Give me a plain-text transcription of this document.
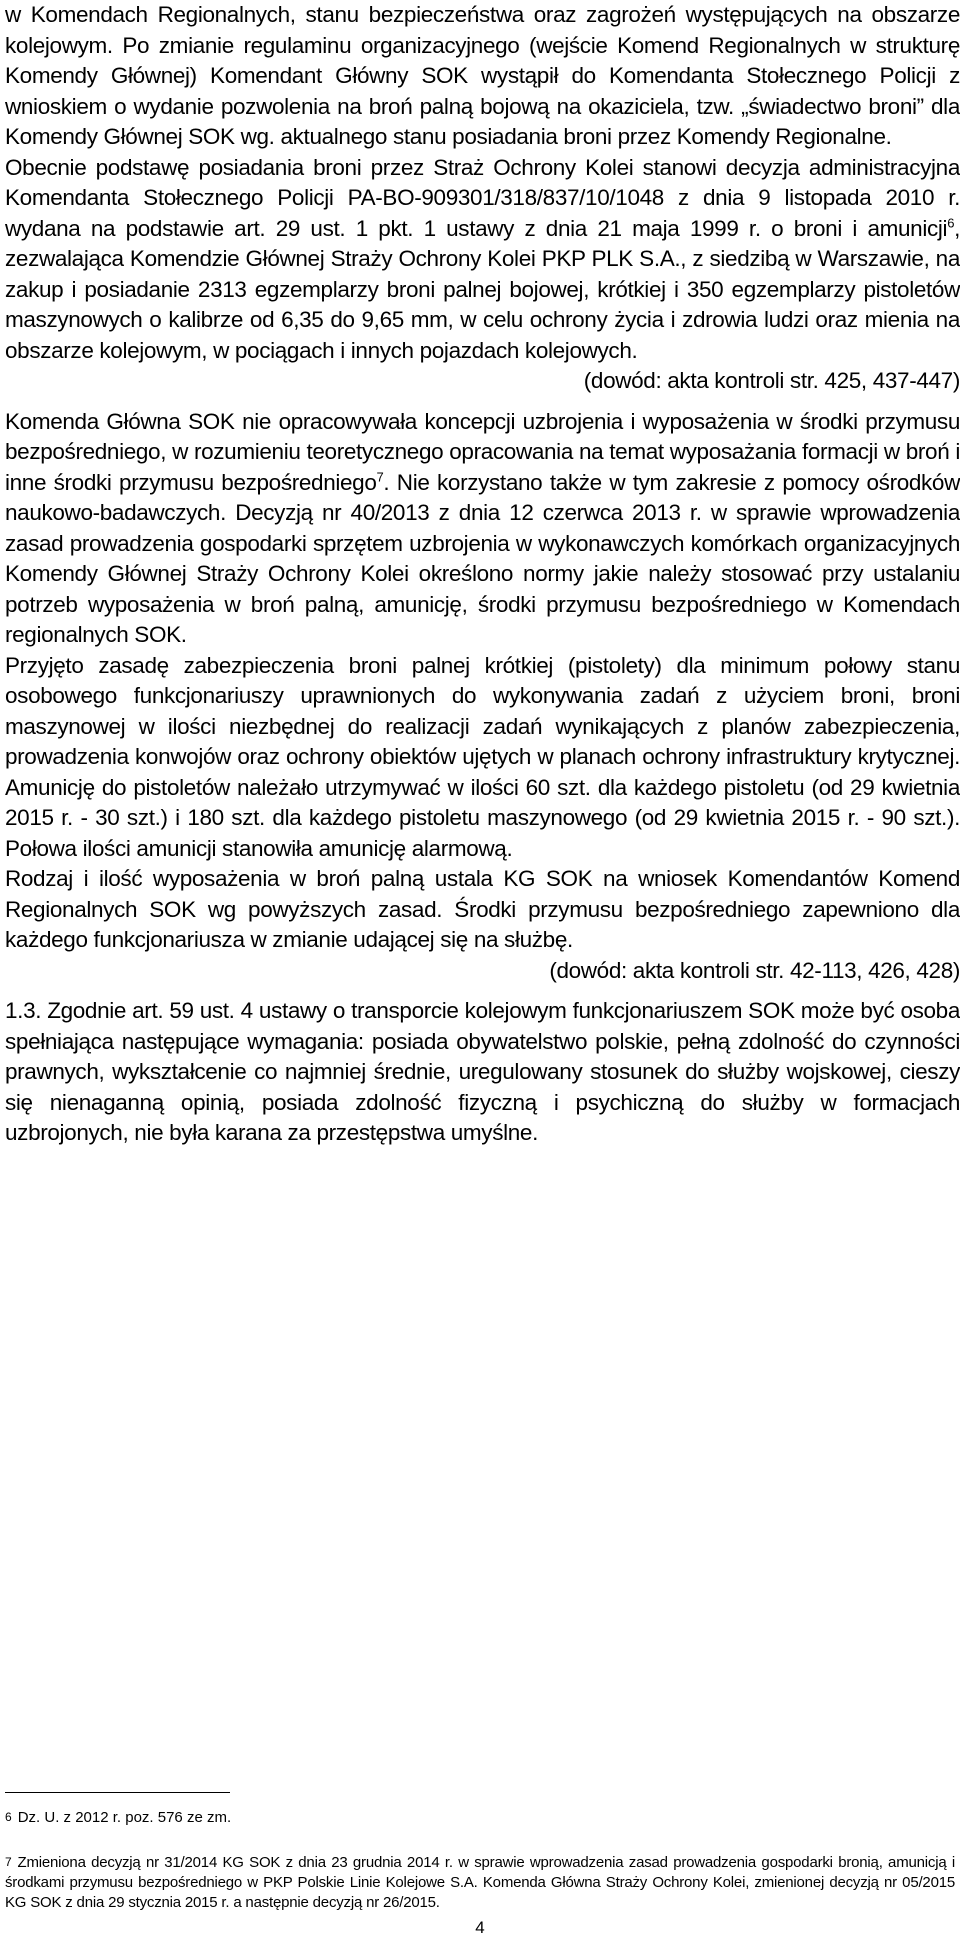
w Komendach Regionalnych, stanu bezpieczeństwa oraz zagrożeń występujących na obszarze kolejowym. Po zmianie regulaminu organizacyjnego (wejście Komend Regionalnych w strukturę Komendy Głównej) Komendant Główny SOK wystąpił do Komendanta Stołecznego Policji z wnioskiem o wydanie pozwolenia na broń palną bojową na okaziciela, tzw. „świadectwo broni” dla Komendy Głównej SOK wg. aktualnego stanu posiadania broni przez Komendy Regionalne.

Obecnie podstawę posiadania broni przez Straż Ochrony Kolei stanowi decyzja administracyjna Komendanta Stołecznego Policji PA-BO-909301/318/837/10/1048 z dnia 9 listopada 2010 r. wydana na podstawie art. 29 ust. 1 pkt. 1 ustawy z dnia 21 maja 1999 r. o broni i amunicji$^6$, zezwalająca Komendzie Głównej Straży Ochrony Kolei PKP PLK S.A., z siedzibą w Warszawie, na zakup i posiadanie 2313 egzemplarzy broni palnej bojowej, krótkiej i 350 egzemplarzy pistoletów maszynowych o kalibrze od 6,35 do 9,65 mm, w celu ochrony życia i zdrowia ludzi oraz mienia na obszarze kolejowym, w pociągach i innych pojazdach kolejowych.

(dowód: akta kontroli str. 425, 437-447)

Komenda Główna SOK nie opracowywała koncepcji uzbrojenia i wyposażenia w środki przymusu bezpośredniego, w rozumieniu teoretycznego opracowania na temat wyposażania formacji w broń i inne środki przymusu bezpośredniego$^7$. Nie korzystano także w tym zakresie z pomocy ośrodków naukowo-badawczych. Decyzją nr 40/2013 z dnia 12 czerwca 2013 r. w sprawie wprowadzenia zasad prowadzenia gospodarki sprzętem uzbrojenia w wykonawczych komórkach organizacyjnych Komendy Głównej Straży Ochrony Kolei określono normy jakie należy stosować przy ustalaniu potrzeb wyposażenia w broń palną, amunicję, środki przymusu bezpośredniego w Komendach regionalnych SOK.

Przyjęto zasadę zabezpieczenia broni palnej krótkiej (pistolety) dla minimum połowy stanu osobowego funkcjonariuszy uprawnionych do wykonywania zadań z użyciem broni, broni maszynowej w ilości niezbędnej do realizacji zadań wynikających z planów zabezpieczenia, prowadzenia konwojów oraz ochrony obiektów ujętych w planach ochrony infrastruktury krytycznej. Amunicję do pistoletów należało utrzymywać w ilości 60 szt. dla każdego pistoletu (od 29 kwietnia 2015 r. - 30 szt.) i 180 szt. dla każdego pistoletu maszynowego (od 29 kwietnia 2015 r. - 90 szt.). Połowa ilości amunicji stanowiła amunicję alarmową.

Rodzaj i ilość wyposażenia w broń palną ustala KG SOK na wniosek Komendantów Komend Regionalnych SOK wg powyższych zasad. Środki przymusu bezpośredniego zapewniono dla każdego funkcjonariusza w zmianie udającej się na służbę.

(dowód: akta kontroli str. 42-113, 426, 428)

1.3. Zgodnie art. 59 ust. 4 ustawy o transporcie kolejowym funkcjonariuszem SOK może być osoba spełniająca następujące wymagania: posiada obywatelstwo polskie, pełną zdolność do czynności prawnych, wykształcenie co najmniej średnie, uregulowany stosunek do służby wojskowej, cieszy się nienaganną opinią, posiada zdolność fizyczną i psychiczną do służby w formacjach uzbrojonych, nie była karana za przestępstwa umyślne.

$^6$ Dz. U. z 2012 r. poz. 576 ze zm.
$^7$ Zmieniona decyzją nr 31/2014 KG SOK z dnia 23 grudnia 2014 r. w sprawie wprowadzenia zasad prowadzenia gospodarki bronią, amunicją i środkami przymusu bezpośredniego w PKP Polskie Linie Kolejowe S.A. Komenda Główna Straży Ochrony Kolei, zmienionej decyzją nr 05/2015 KG SOK z dnia 29 stycznia 2015 r. a następnie decyzją nr 26/2015.
4
